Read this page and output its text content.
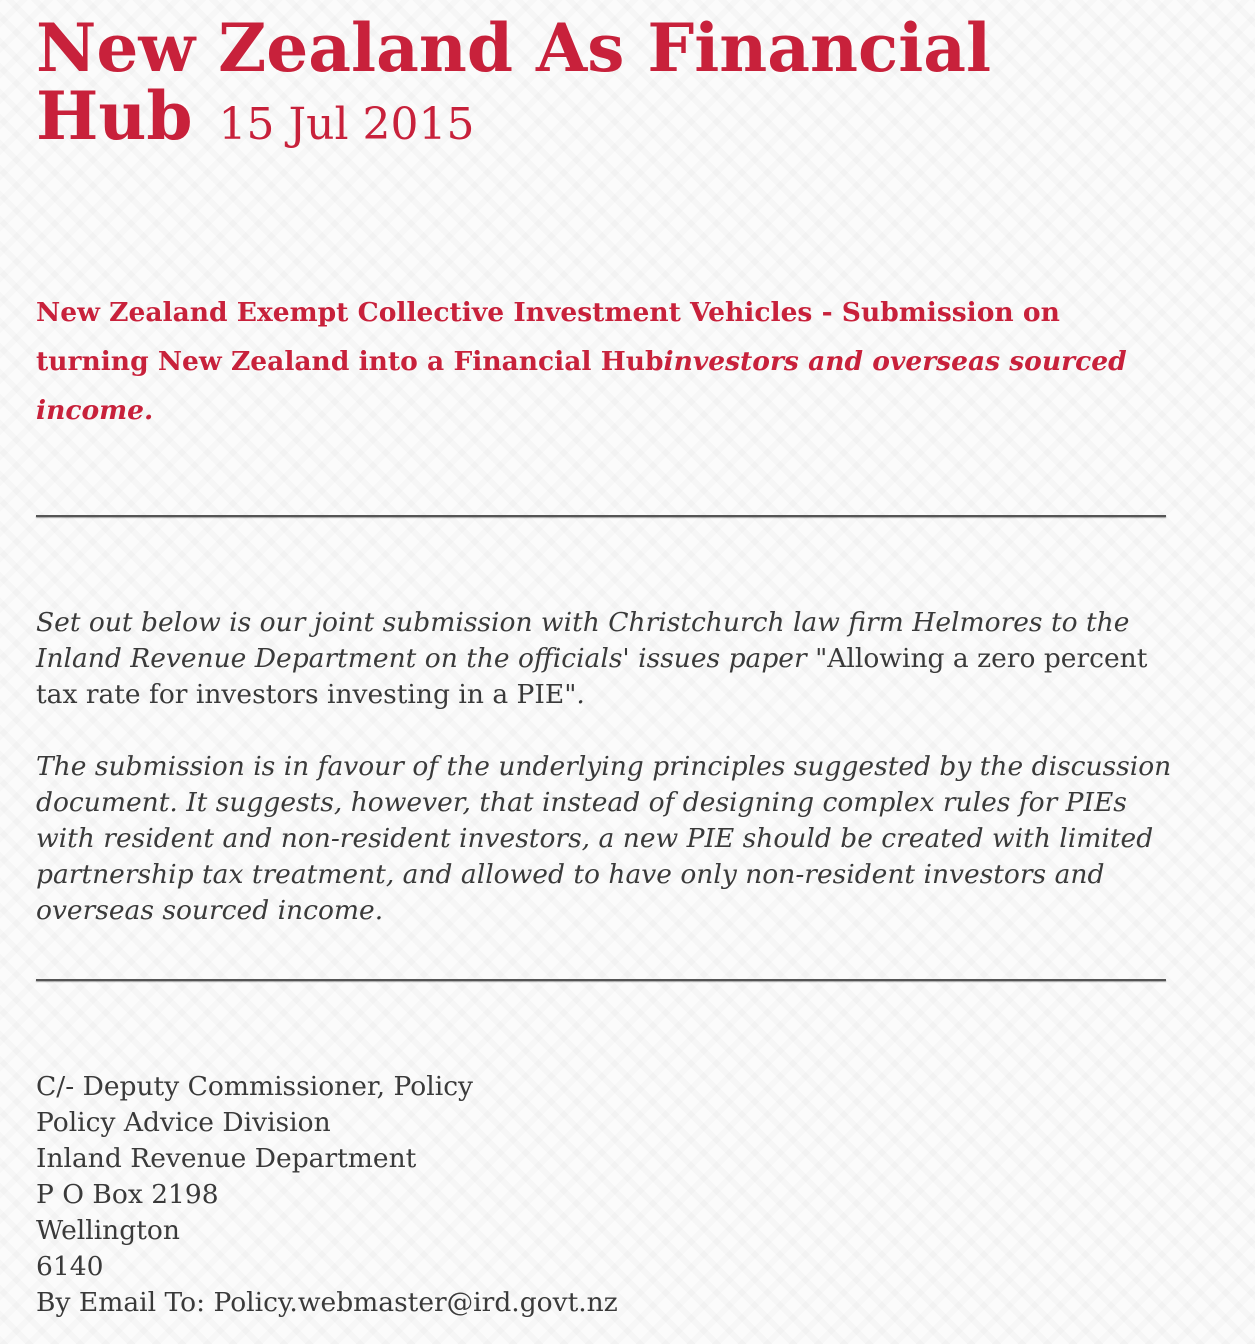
New Zealand As Financial Hub 15 Jul 2015

New Zealand Exempt Collective Investment Vehicles - Submission on turning New Zealand into a Financial Hubinvestors and overseas sourced income.

Set out below is our joint submission with Christchurch law firm Helmores to the Inland Revenue Department on the officials' issues paper "Allowing a zero percent tax rate for investors investing in a PIE".

The submission is in favour of the underlying principles suggested by the discussion document. It suggests, however, that instead of designing complex rules for PIEs with resident and non-resident investors, a new PIE should be created with limited partnership tax treatment, and allowed to have only non-resident investors and overseas sourced income.

C/- Deputy Commissioner, Policy
Policy Advice Division
Inland Revenue Department
P O Box 2198
Wellington
6140
By Email To: Policy.webmaster@ird.govt.nz
